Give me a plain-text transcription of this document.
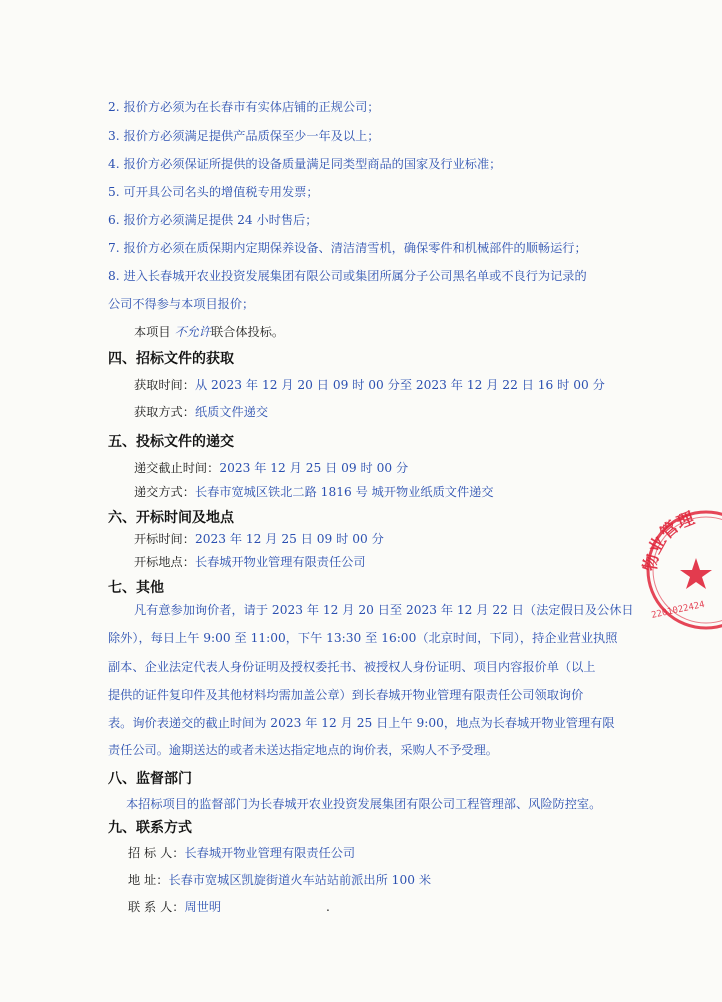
2. 报价方必须为在长春市有实体店铺的正规公司；
3. 报价方必须满足提供产品质保至少一年及以上；
4. 报价方必须保证所提供的设备质量满足同类型商品的国家及行业标准；
5. 可开具公司名头的增值税专用发票；
6. 报价方必须满足提供 24 小时售后；
7. 报价方必须在质保期内定期保养设备、清洁清雪机，确保零件和机械部件的顺畅运行；
8. 进入长春城开农业投资发展集团有限公司或集团所属分子公司黑名单或不良行为记录的
公司不得参与本项目报价；
本项目 不允许联合体投标。
四、招标文件的获取
获取时间：从 2023 年 12 月 20 日 09 时 00 分至 2023 年 12 月 22 日 16 时 00 分
获取方式：纸质文件递交
五、投标文件的递交
递交截止时间：2023 年 12 月 25 日 09 时 00 分
递交方式：长春市宽城区铁北二路 1816 号 城开物业纸质文件递交
六、开标时间及地点
开标时间：2023 年 12 月 25 日 09 时 00 分
开标地点：长春城开物业管理有限责任公司
七、其他
凡有意参加询价者，请于 2023 年 12 月 20 日至 2023 年 12 月 22 日（法定假日及公休日
除外），每日上午 9:00 至 11:00，下午 13:30 至 16:00（北京时间，下同），持企业营业执照
副本、企业法定代表人身份证明及授权委托书、被授权人身份证明、项目内容报价单（以上
提供的证件复印件及其他材料均需加盖公章）到长春城开物业管理有限责任公司领取询价
表。询价表递交的截止时间为 2023 年 12 月 25 日上午 9:00，地点为长春城开物业管理有限
责任公司。逾期送达的或者未送达指定地点的询价表，采购人不予受理。
八、监督部门
本招标项目的监督部门为长春城开农业投资发展集团有限公司工程管理部、风险防控室。
九、联系方式
招 标 人：长春城开物业管理有限责任公司
地 址：长春市宽城区凯旋街道火车站站前派出所 100 米
联 系 人：周世明
物业管理
2201022424
.
